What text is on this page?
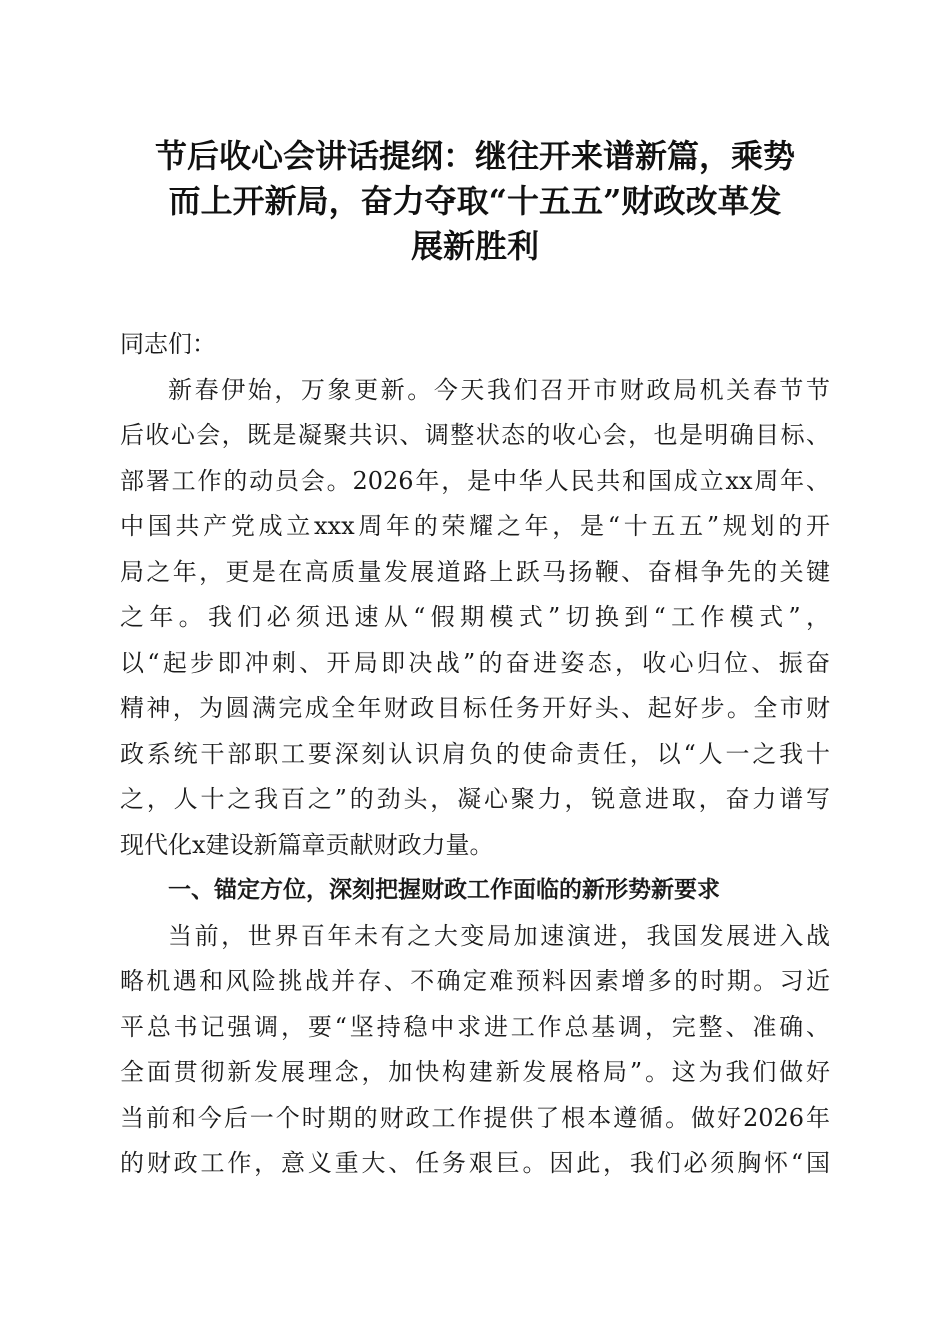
节后收心会讲话提纲：继往开来谱新篇，乘势
而上开新局，奋力夺取“十五五”财政改革发
展新胜利
同志们：
新春伊始，万象更新。今天我们召开市财政局机关春节节
后收心会，既是凝聚共识、调整状态的收心会，也是明确目标、
部署工作的动员会。2026年，是中华人民共和国成立xx周年、
中国共产党成立xxx周年的荣耀之年，是“十五五”规划的开
局之年，更是在高质量发展道路上跃马扬鞭、奋楫争先的关键
之年。我们必须迅速从“假期模式”切换到“工作模式”，
以“起步即冲刺、开局即决战”的奋进姿态，收心归位、振奋
精神，为圆满完成全年财政目标任务开好头、起好步。全市财
政系统干部职工要深刻认识肩负的使命责任，以“人一之我十
之，人十之我百之”的劲头，凝心聚力，锐意进取，奋力谱写
现代化x建设新篇章贡献财政力量。
一、锚定方位，深刻把握财政工作面临的新形势新要求
当前，世界百年未有之大变局加速演进，我国发展进入战
略机遇和风险挑战并存、不确定难预料因素增多的时期。习近
平总书记强调，要“坚持稳中求进工作总基调，完整、准确、
全面贯彻新发展理念，加快构建新发展格局”。这为我们做好
当前和今后一个时期的财政工作提供了根本遵循。做好2026年
的财政工作，意义重大、任务艰巨。因此，我们必须胸怀“国
